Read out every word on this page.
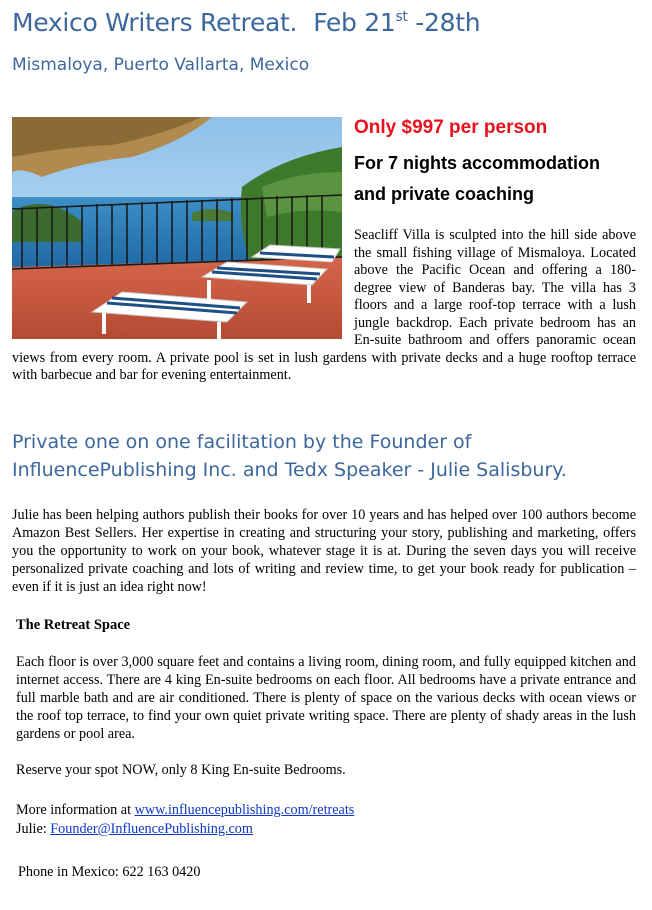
Mexico Writers Retreat. Feb 21st -28th
Mismaloya, Puerto Vallarta, Mexico
Only $997 per person
For 7 nights accommodation
and private coaching
Seacliff Villa is sculpted into the hill side above the small fishing village of Mismaloya. Located above the Pacific Ocean and offering a 180-degree view of Banderas bay. The villa has 3 floors and a large roof-top terrace with a lush jungle backdrop. Each private bedroom has an En-suite bathroom and offers panoramic ocean views from every room. A private pool is set in lush gardens with private decks and a huge rooftop terrace with barbecue and bar for evening entertainment.
Private one on one facilitation by the Founder of
InfluencePublishing Inc. and Tedx Speaker - Julie Salisbury.
Julie has been helping authors publish their books for over 10 years and has helped over 100 authors become Amazon Best Sellers. Her expertise in creating and structuring your story, publishing and marketing, offers you the opportunity to work on your book, whatever stage it is at. During the seven days you will receive personalized private coaching and lots of writing and review time, to get your book ready for publication – even if it is just an idea right now!
The Retreat Space
Each floor is over 3,000 square feet and contains a living room, dining room, and fully equipped kitchen and internet access. There are 4 king En-suite bedrooms on each floor. All bedrooms have a private entrance and full marble bath and are air conditioned. There is plenty of space on the various decks with ocean views or the roof top terrace, to find your own quiet private writing space. There are plenty of shady areas in the lush gardens or pool area.
Reserve your spot NOW, only 8 King En-suite Bedrooms.
More information at www.influencepublishing.com/retreats
Julie: Founder@InfluencePublishing.com
Phone in Mexico: 622 163 0420
